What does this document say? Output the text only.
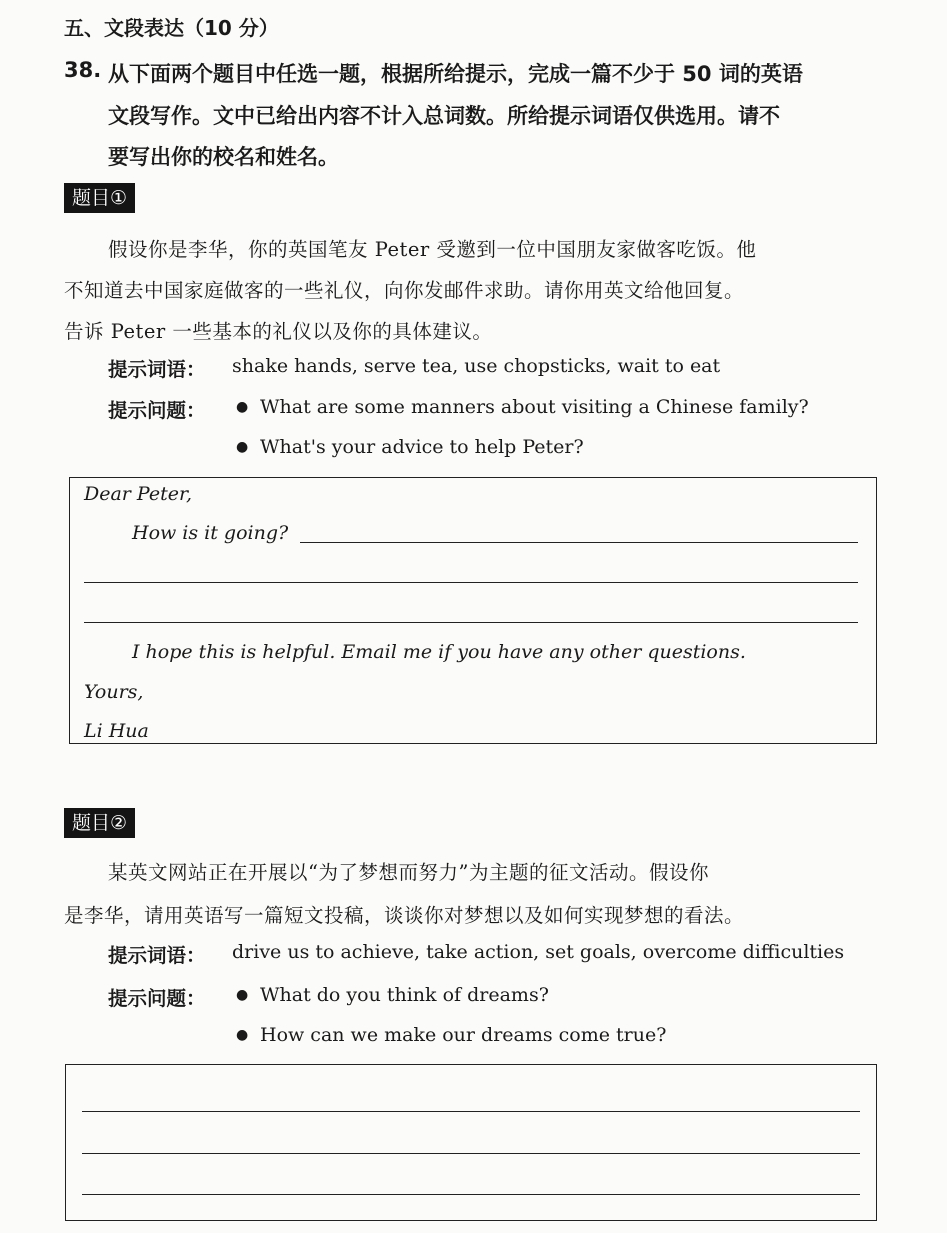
五、文段表达（10 分）
38. 从下面两个题目中任选一题，根据所给提示，完成一篇不少于 50 词的英语
文段写作。文中已给出内容不计入总词数。所给提示词语仅供选用。请不
要写出你的校名和姓名。
题目①
假设你是李华，你的英国笔友 Peter 受邀到一位中国朋友家做客吃饭。他
不知道去中国家庭做客的一些礼仪，向你发邮件求助。请你用英文给他回复。
告诉 Peter 一些基本的礼仪以及你的具体建议。
提示词语： shake hands, serve tea, use chopsticks, wait to eat
提示问题： ● What are some manners about visiting a Chinese family?
● What's your advice to help Peter?
Dear Peter,
How is it going?
I hope this is helpful. Email me if you have any other questions.
Yours,
Li Hua
题目②
某英文网站正在开展以“为了梦想而努力”为主题的征文活动。假设你
是李华，请用英语写一篇短文投稿，谈谈你对梦想以及如何实现梦想的看法。
提示词语： drive us to achieve, take action, set goals, overcome difficulties
提示问题： ● What do you think of dreams?
● How can we make our dreams come true?
